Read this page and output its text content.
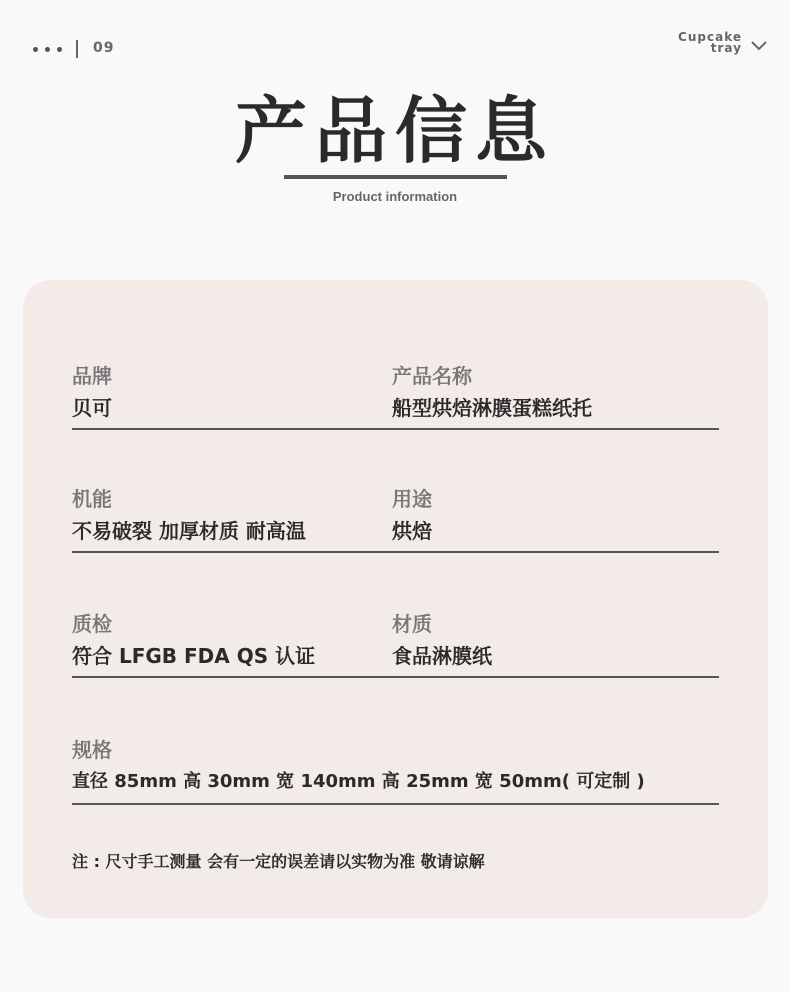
09
Cupcake
tray
产品信息
Product information
品牌
贝可
产品名称
船型烘焙淋膜蛋糕纸托
机能
不易破裂 加厚材质 耐高温
用途
烘焙
质检
符合 LFGB FDA QS 认证
材质
食品淋膜纸
规格
直径 85mm 高 30mm 宽 140mm 高 25mm 宽 50mm( 可定制 )
注 : 尺寸手工测量 会有一定的误差请以实物为准 敬请谅解
